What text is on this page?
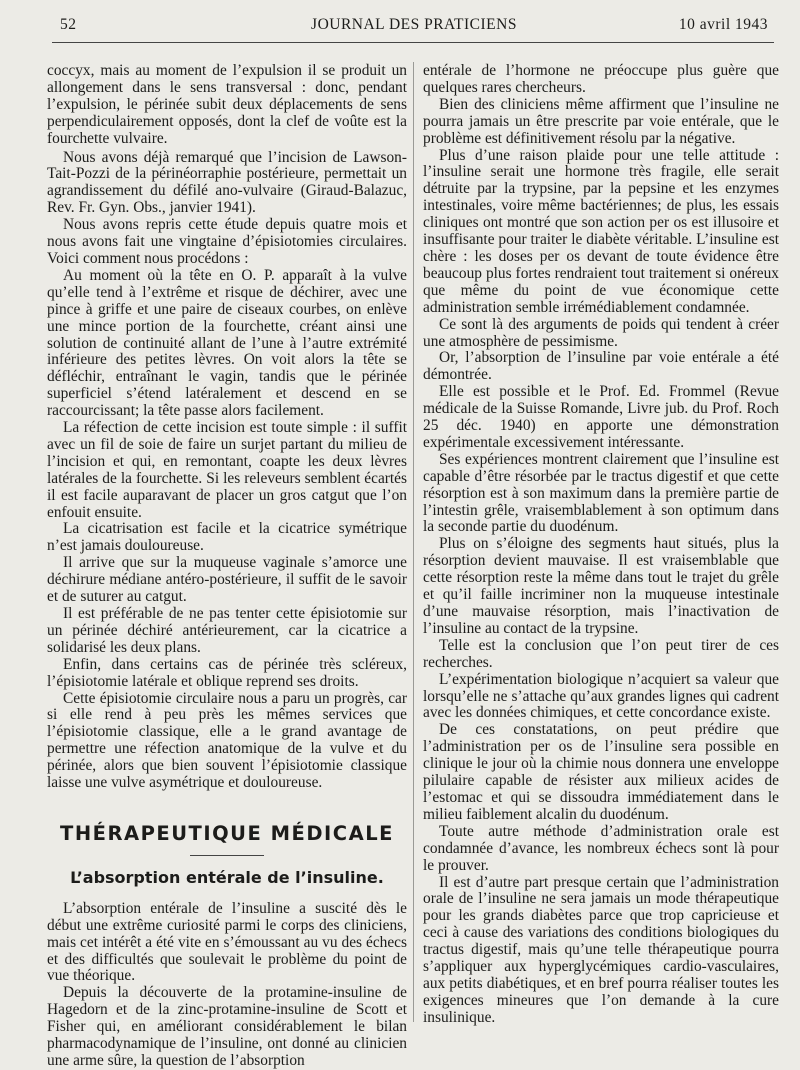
52	JOURNAL DES PRATICIENS	10 avril 1943

coccyx, mais au moment de l’expulsion il se produit un allongement dans le sens transversal : donc, pendant l’expulsion, le périnée subit deux déplacements de sens perpendiculairement opposés, dont la clef de voûte est la fourchette vulvaire.

Nous avons déjà remarqué que l’incision de Lawson-Tait-Pozzi de la périnéorraphie postérieure, permettait un agrandissement du défilé ano-vulvaire (Giraud-Balazuc, Rev. Fr. Gyn. Obs., janvier 1941).

Nous avons repris cette étude depuis quatre mois et nous avons fait une vingtaine d’épisiotomies circulaires. Voici comment nous procédons :

Au moment où la tête en O. P. apparaît à la vulve qu’elle tend à l’extrême et risque de déchirer, avec une pince à griffe et une paire de ciseaux courbes, on enlève une mince portion de la fourchette, créant ainsi une solution de continuité allant de l’une à l’autre extrémité inférieure des petites lèvres. On voit alors la tête se défléchir, entraînant le vagin, tandis que le périnée superficiel s’étend latéralement et descend en se raccourcissant; la tête passe alors facilement.

La réfection de cette incision est toute simple : il suffit avec un fil de soie de faire un surjet partant du milieu de l’incision et qui, en remontant, coapte les deux lèvres latérales de la fourchette. Si les releveurs semblent écartés il est facile auparavant de placer un gros catgut que l’on enfouit ensuite.

La cicatrisation est facile et la cicatrice symétrique n’est jamais douloureuse.

Il arrive que sur la muqueuse vaginale s’amorce une déchirure médiane antéro-postérieure, il suffit de le savoir et de suturer au catgut.

Il est préférable de ne pas tenter cette épisiotomie sur un périnée déchiré antérieurement, car la cicatrice a solidarisé les deux plans.

Enfin, dans certains cas de périnée très scléreux, l’épisiotomie latérale et oblique reprend ses droits.

Cette épisiotomie circulaire nous a paru un progrès, car si elle rend à peu près les mêmes services que l’épisiotomie classique, elle a le grand avantage de permettre une réfection anatomique de la vulve et du périnée, alors que bien souvent l’épisiotomie classique laisse une vulve asymétrique et douloureuse.

THÉRAPEUTIQUE MÉDICALE
L’absorption entérale de l’insuline.

L’absorption entérale de l’insuline a suscité dès le début une extrême curiosité parmi le corps des cliniciens, mais cet intérêt a été vite en s’émoussant au vu des échecs et des difficultés que soulevait le problème du point de vue théorique.

Depuis la découverte de la protamine-insuline de Hagedorn et de la zinc-protamine-insuline de Scott et Fisher qui, en améliorant considérablement le bilan pharmacodynamique de l’insuline, ont donné au clinicien une arme sûre, la question de l’absorption

entérale de l’hormone ne préoccupe plus guère que quelques rares chercheurs.

Bien des cliniciens même affirment que l’insuline ne pourra jamais un être prescrite par voie entérale, que le problème est définitivement résolu par la négative.

Plus d’une raison plaide pour une telle attitude : l’insuline serait une hormone très fragile, elle serait détruite par la trypsine, par la pepsine et les enzymes intestinales, voire même bactériennes; de plus, les essais cliniques ont montré que son action per os est illusoire et insuffisante pour traiter le diabète véritable. L’insuline est chère : les doses per os devant de toute évidence être beaucoup plus fortes rendraient tout traitement si onéreux que même du point de vue économique cette administration semble irrémédiablement condamnée.

Ce sont là des arguments de poids qui tendent à créer une atmosphère de pessimisme.

Or, l’absorption de l’insuline par voie entérale a été démontrée.

Elle est possible et le Prof. Ed. Frommel (Revue médicale de la Suisse Romande, Livre jub. du Prof. Roch 25 déc. 1940) en apporte une démonstration expérimentale excessivement intéressante.

Ses expériences montrent clairement que l’insuline est capable d’être résorbée par le tractus digestif et que cette résorption est à son maximum dans la première partie de l’intestin grêle, vraisemblablement à son optimum dans la seconde partie du duodénum.

Plus on s’éloigne des segments haut situés, plus la résorption devient mauvaise. Il est vraisemblable que cette résorption reste la même dans tout le trajet du grêle et qu’il faille incriminer non la muqueuse intestinale d’une mauvaise résorption, mais l’inactivation de l’insuline au contact de la trypsine.

Telle est la conclusion que l’on peut tirer de ces recherches.

L’expérimentation biologique n’acquiert sa valeur que lorsqu’elle ne s’attache qu’aux grandes lignes qui cadrent avec les données chimiques, et cette concordance existe.

De ces constatations, on peut prédire que l’administration per os de l’insuline sera possible en clinique le jour où la chimie nous donnera une enveloppe pilulaire capable de résister aux milieux acides de l’estomac et qui se dissoudra immédiatement dans le milieu faiblement alcalin du duodénum.

Toute autre méthode d’administration orale est condamnée d’avance, les nombreux échecs sont là pour le prouver.

Il est d’autre part presque certain que l’administration orale de l’insuline ne sera jamais un mode thérapeutique pour les grands diabètes parce que trop capricieuse et ceci à cause des variations des conditions biologiques du tractus digestif, mais qu’une telle thérapeutique pourra s’appliquer aux hyperglycémiques cardio-vasculaires, aux petits diabétiques, et en bref pourra réaliser toutes les exigences mineures que l’on demande à la cure insulinique.
